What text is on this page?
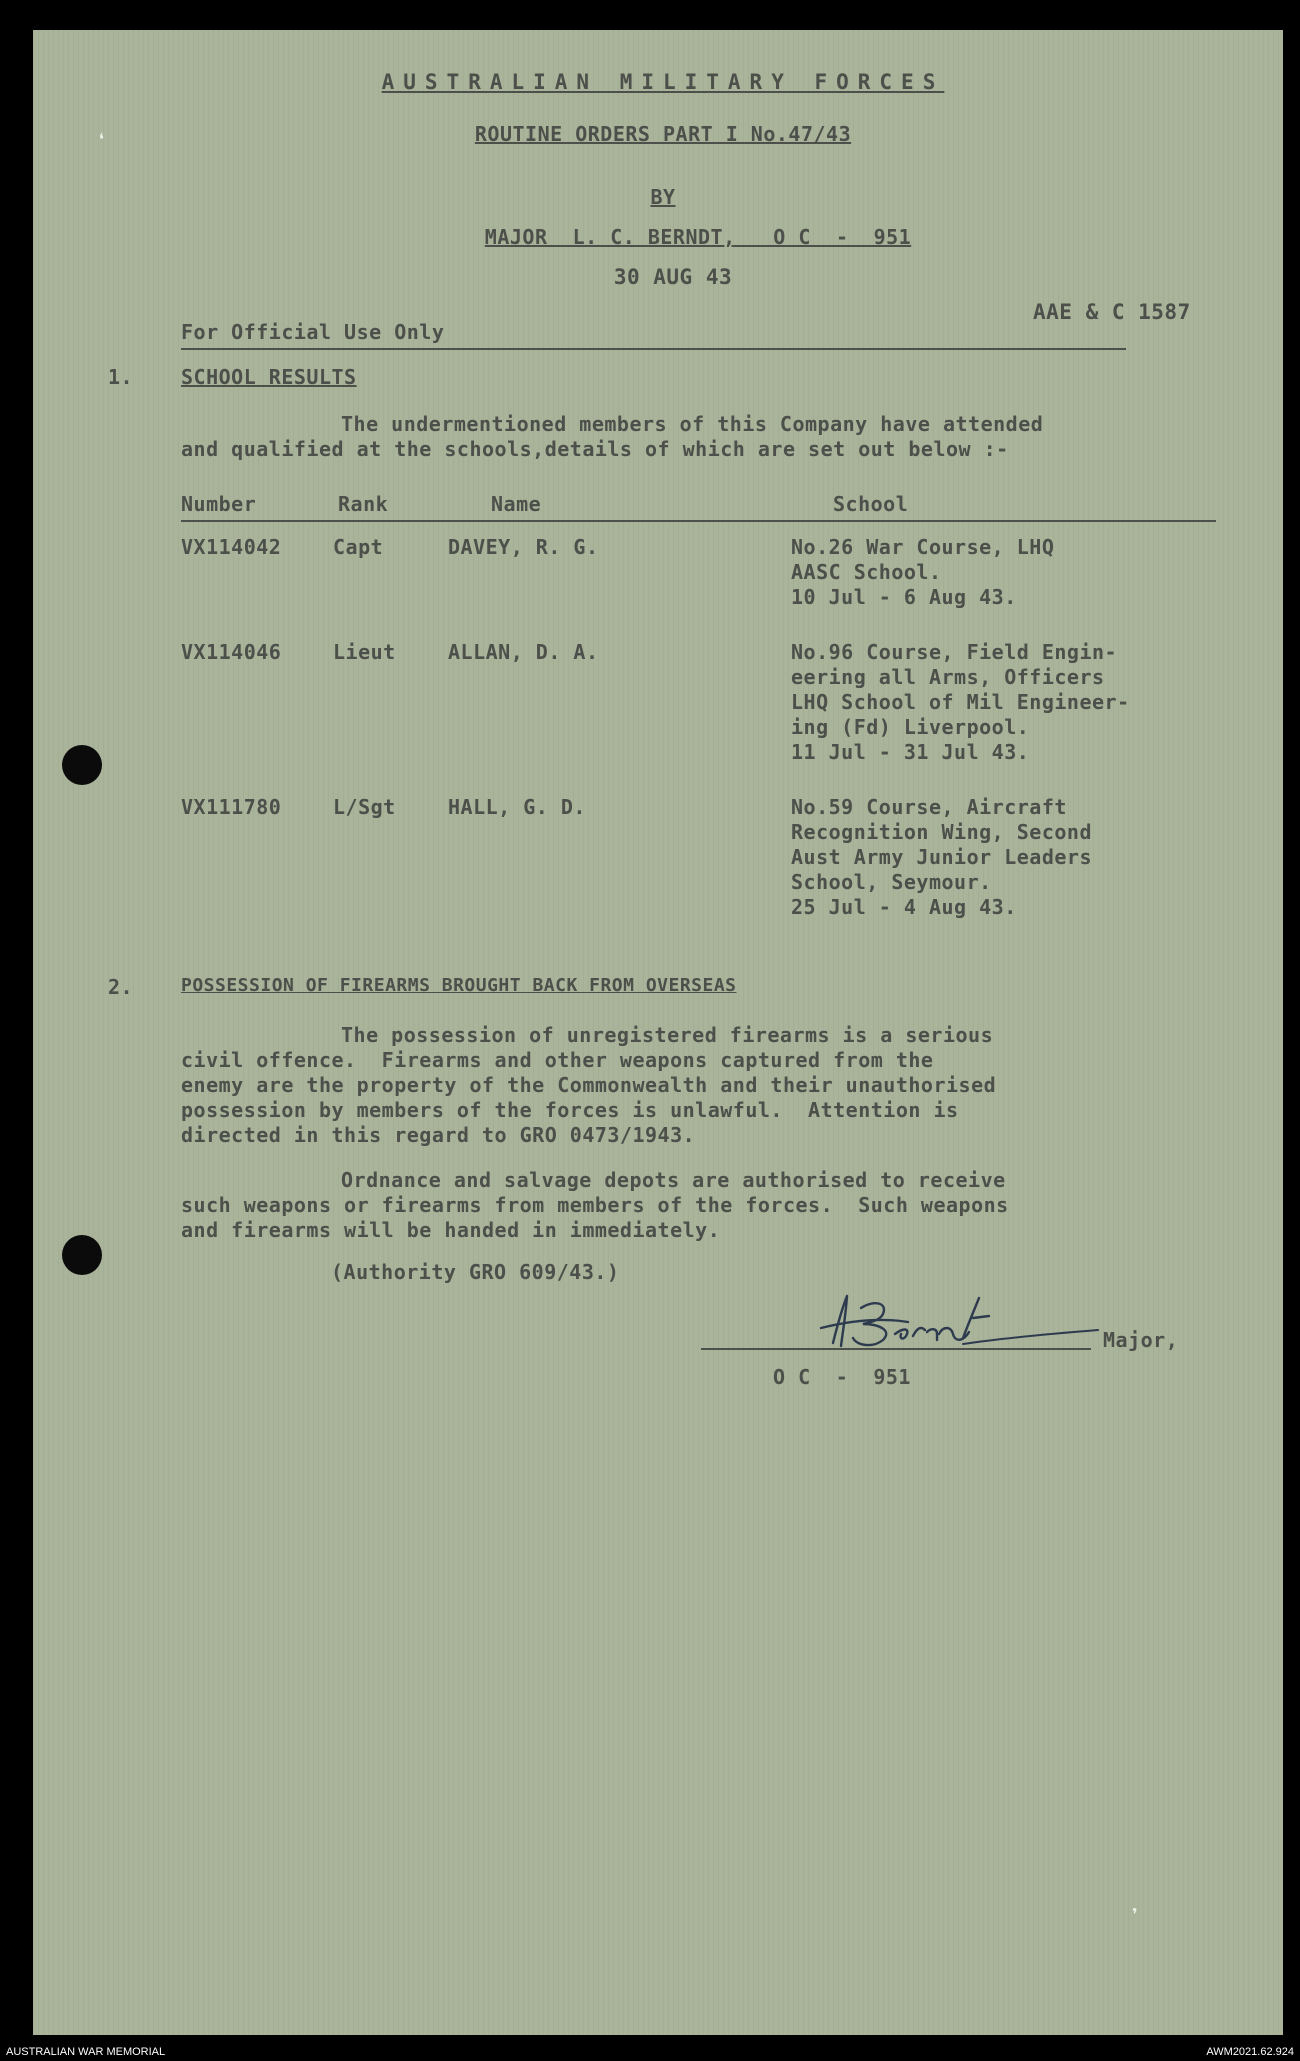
❛
❜
AUSTRALIAN MILITARY FORCES
ROUTINE ORDERS PART I No.47/43
BY
MAJOR  L. C. BERNDT,   O C  -  951
30 AUG 43
For Official Use Only
AAE & C 1587
1. SCHOOL RESULTS
The undermentioned members of this Company have attended
and qualified at the schools,details of which are set out below :-
Number	Rank	Name	School
VX114042	Capt	DAVEY, R. G.	No.26 War Course, LHQ
AASC School.
10 Jul - 6 Aug 43.
VX114046	Lieut	ALLAN, D. A.	No.96 Course, Field Engin-
eering all Arms, Officers
LHQ School of Mil Engineer-
ing (Fd) Liverpool.
11 Jul - 31 Jul 43.
VX111780	L/Sgt	HALL, G. D.	No.59 Course, Aircraft
Recognition Wing, Second
Aust Army Junior Leaders
School, Seymour.
25 Jul - 4 Aug 43.
2.	POSSESSION OF FIREARMS BROUGHT BACK FROM OVERSEAS
The possession of unregistered firearms is a serious
civil offence.  Firearms and other weapons captured from the
enemy are the property of the Commonwealth and their unauthorised
possession by members of the forces is unlawful.  Attention is
directed in this regard to GRO 0473/1943.
Ordnance and salvage depots are authorised to receive
such weapons or firearms from members of the forces.  Such weapons
and firearms will be handed in immediately.
(Authority GRO 609/43.)
Major,
O C  -  951
AUSTRALIAN WAR MEMORIAL	AWM2021.62.924
